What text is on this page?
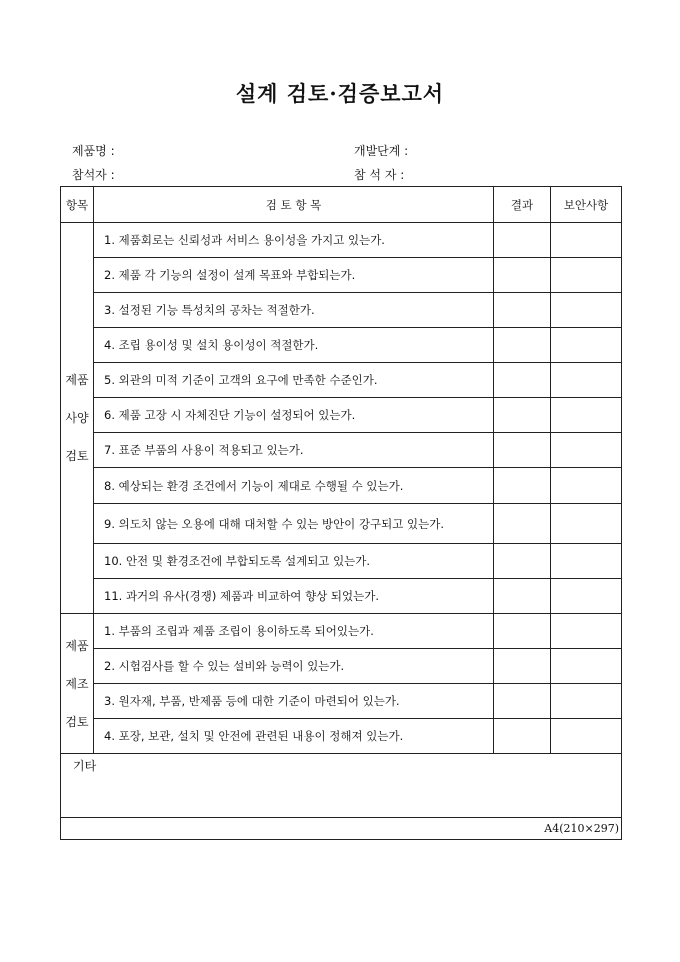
설계 검토·검증보고서
제품명 :	개발단계 :
참석자 :	참 석 자 :
항목	검 토 항 목	결과	보안사항

제품
사양
검토	1. 제품회로는 신뢰성과 서비스 용이성을 가지고 있는가.		
	2. 제품 각 기능의 설정이 설계 목표와 부합되는가.		
	3. 설정된 기능 특성치의 공차는 적절한가.		
	4. 조립 용이성 및 설치 용이성이 적절한가.		
	5. 외관의 미적 기준이 고객의 요구에 만족한 수준인가.		
	6. 제품 고장 시 자체진단 기능이 설정되어 있는가.		
	7. 표준 부품의 사용이 적용되고 있는가.		
	8. 예상되는 환경 조건에서 기능이 제대로 수행될 수 있는가.		
	9. 의도치 않는 오용에 대해 대처할 수 있는 방안이 강구되고 있는가.		
	10. 안전 및 환경조건에 부합되도록 설계되고 있는가.		
	11. 과거의 유사(경쟁) 제품과 비교하여 향상 되었는가.		

제품
제조
검토	1. 부품의 조립과 제품 조립이 용이하도록 되어있는가.		
	2. 시험검사를 할 수 있는 설비와 능력이 있는가.		
	3. 원자재, 부품, 반제품 등에 대한 기준이 마련되어 있는가.		
	4. 포장, 보관, 설치 및 안전에 관련된 내용이 정해져 있는가.		
기타			
A4(210×297)			
